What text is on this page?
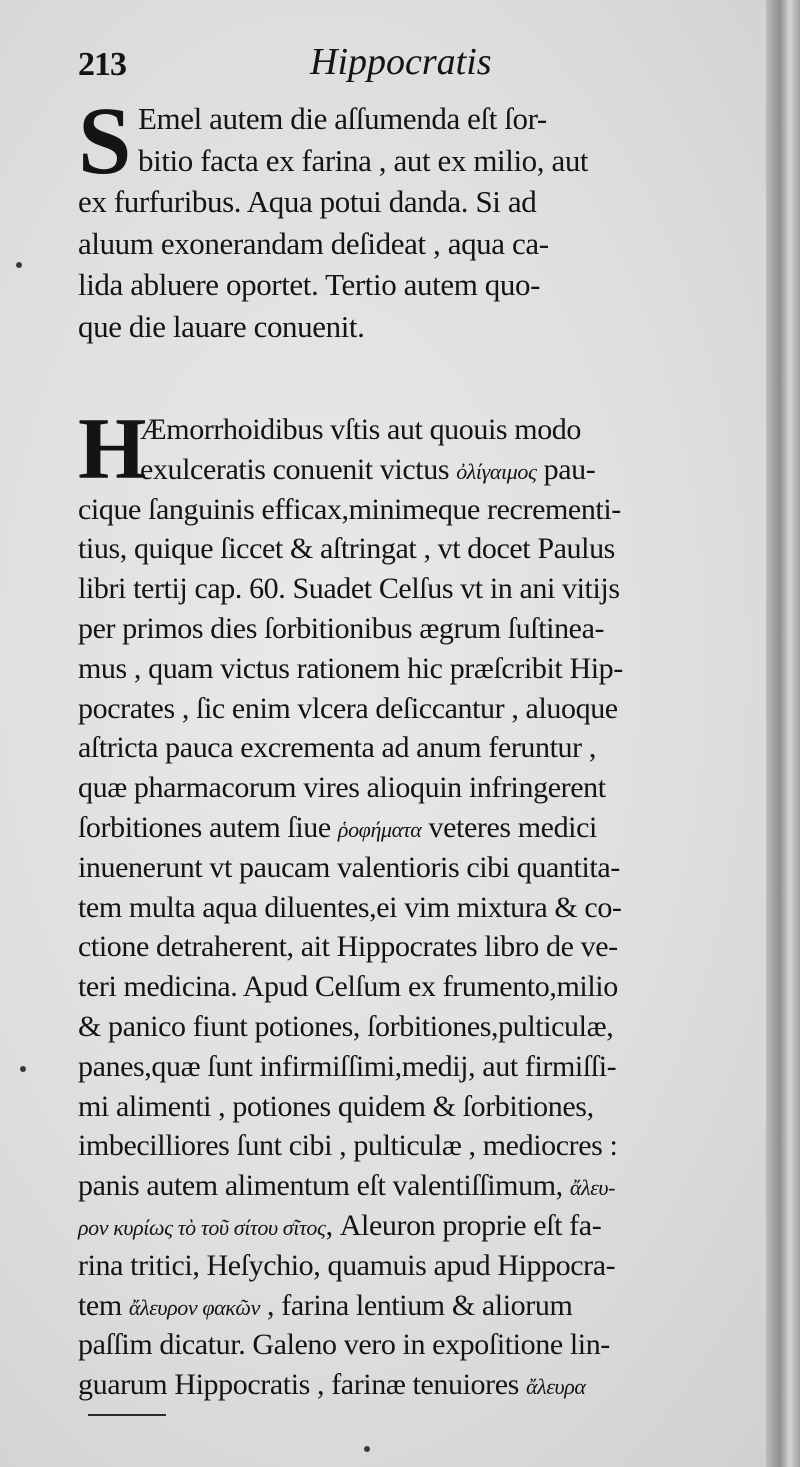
213	Hippocratis
S Emel autem die aſſumenda eſt ſor-
bitio facta ex farina , aut ex milio, aut
ex furfuribus. Aqua potui danda. Si ad
aluum exonerandam deſideat , aqua ca-
lida abluere oportet. Tertio autem quo-
que die lauare conuenit.
H
Æmorrhoidibus vſtis aut quouis modo
exulceratis conuenit victus ὀλίγαιμος pau-
cique ſanguinis efficax,minimeque recrementi-
tius, quique ſiccet & aſtringat , vt docet Paulus
libri tertij cap. 60. Suadet Celſus vt in ani vitijs
per primos dies ſorbitionibus ægrum ſuſtinea-
mus , quam victus rationem hic præſcribit Hip-
pocrates , ſic enim vlcera deſiccantur , aluoque
aſtricta pauca excrementa ad anum feruntur ,
quæ pharmacorum vires alioquin infringerent
ſorbitiones autem ſiue ῥοφήματα veteres medici
inuenerunt vt paucam valentioris cibi quantita-
tem multa aqua diluentes,ei vim mixtura & co-
ctione detraherent, ait Hippocrates libro de ve-
teri medicina. Apud Celſum ex frumento,milio
& panico fiunt potiones, ſorbitiones,pulticulæ,
panes,quæ ſunt infirmiſſimi,medij, aut firmiſſi-
mi alimenti , potiones quidem & ſorbitiones,
imbecilliores ſunt cibi , pulticulæ , mediocres :
panis autem alimentum eſt valentiſſimum, ἄλευ-
ρον κυρίως τὸ τοῦ σίτου σῖτος, Aleuron proprie eſt fa-
rina tritici, Heſychio, quamuis apud Hippocra-
tem ἄλευρον φακῶν , farina lentium & aliorum
paſſim dicatur. Galeno vero in expoſitione lin-
guarum Hippocratis , farinæ tenuiores ἄλευρα
